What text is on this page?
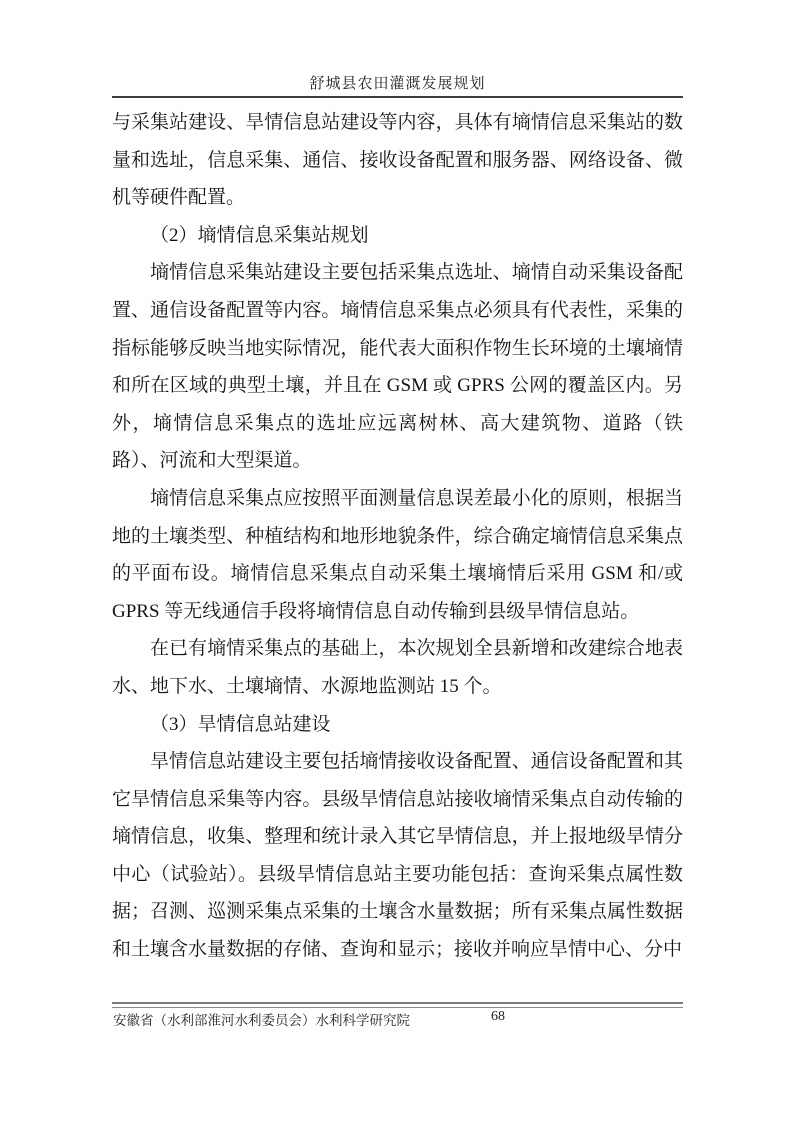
舒城县农田灌溉发展规划

与采集站建设、旱情信息站建设等内容，具体有墒情信息采集站的数量和选址，信息采集、通信、接收设备配置和服务器、网络设备、微机等硬件配置。

（2）墒情信息采集站规划

墒情信息采集站建设主要包括采集点选址、墒情自动采集设备配置、通信设备配置等内容。墒情信息采集点必须具有代表性，采集的指标能够反映当地实际情况，能代表大面积作物生长环境的土壤墒情和所在区域的典型土壤，并且在 GSM 或 GPRS 公网的覆盖区内。另外，墒情信息采集点的选址应远离树林、高大建筑物、道路（铁路）、河流和大型渠道。

墒情信息采集点应按照平面测量信息误差最小化的原则，根据当地的土壤类型、种植结构和地形地貌条件，综合确定墒情信息采集点的平面布设。墒情信息采集点自动采集土壤墒情后采用 GSM 和/或 GPRS 等无线通信手段将墒情信息自动传输到县级旱情信息站。

在已有墒情采集点的基础上，本次规划全县新增和改建综合地表水、地下水、土壤墒情、水源地监测站 15 个。

（3）旱情信息站建设

旱情信息站建设主要包括墒情接收设备配置、通信设备配置和其它旱情信息采集等内容。县级旱情信息站接收墒情采集点自动传输的墒情信息，收集、整理和统计录入其它旱情信息，并上报地级旱情分中心（试验站）。县级旱情信息站主要功能包括：查询采集点属性数据；召测、巡测采集点采集的土壤含水量数据；所有采集点属性数据和土壤含水量数据的存储、查询和显示；接收并响应旱情中心、分中

安徽省（水利部淮河水利委员会）水利科学研究院	68
